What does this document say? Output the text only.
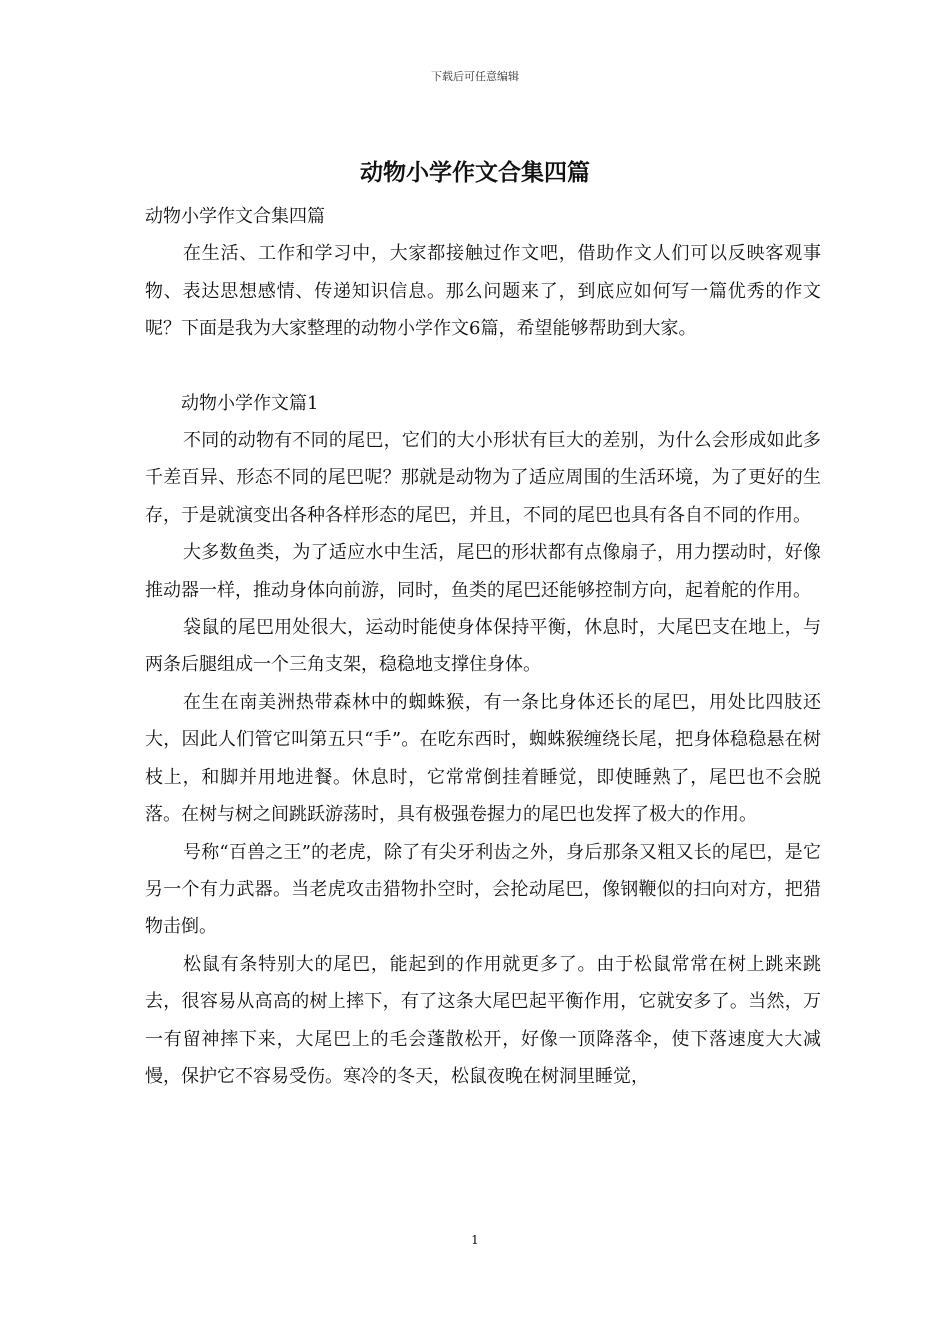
下载后可任意编辑
动物小学作文合集四篇

动物小学作文合集四篇

在生活、工作和学习中，大家都接触过作文吧，借助作文人们可以反映客观事物、表达思想感情、传递知识信息。那么问题来了，到底应如何写一篇优秀的作文呢？下面是我为大家整理的动物小学作文6篇，希望能够帮助到大家。

动物小学作文篇1

不同的动物有不同的尾巴，它们的大小形状有巨大的差别，为什么会形成如此多千差百异、形态不同的尾巴呢？那就是动物为了适应周围的生活环境，为了更好的生存，于是就演变出各种各样形态的尾巴，并且，不同的尾巴也具有各自不同的作用。

大多数鱼类，为了适应水中生活，尾巴的形状都有点像扇子，用力摆动时，好像推动器一样，推动身体向前游，同时，鱼类的尾巴还能够控制方向，起着舵的作用。

袋鼠的尾巴用处很大，运动时能使身体保持平衡，休息时，大尾巴支在地上，与两条后腿组成一个三角支架，稳稳地支撑住身体。

在生在南美洲热带森林中的蜘蛛猴，有一条比身体还长的尾巴，用处比四肢还大，因此人们管它叫第五只“手”。在吃东西时，蜘蛛猴缠绕长尾，把身体稳稳悬在树枝上，和脚并用地进餐。休息时，它常常倒挂着睡觉，即使睡熟了，尾巴也不会脱落。在树与树之间跳跃游荡时，具有极强卷握力的尾巴也发挥了极大的作用。

号称“百兽之王”的老虎，除了有尖牙利齿之外，身后那条又粗又长的尾巴，是它另一个有力武器。当老虎攻击猎物扑空时，会抡动尾巴，像钢鞭似的扫向对方，把猎物击倒。

松鼠有条特别大的尾巴，能起到的作用就更多了。由于松鼠常常在树上跳来跳去，很容易从高高的树上摔下，有了这条大尾巴起平衡作用，它就安多了。当然，万一有留神摔下来，大尾巴上的毛会蓬散松开，好像一顶降落伞，使下落速度大大减慢，保护它不容易受伤。寒冷的冬天，松鼠夜晚在树洞里睡觉，

1
